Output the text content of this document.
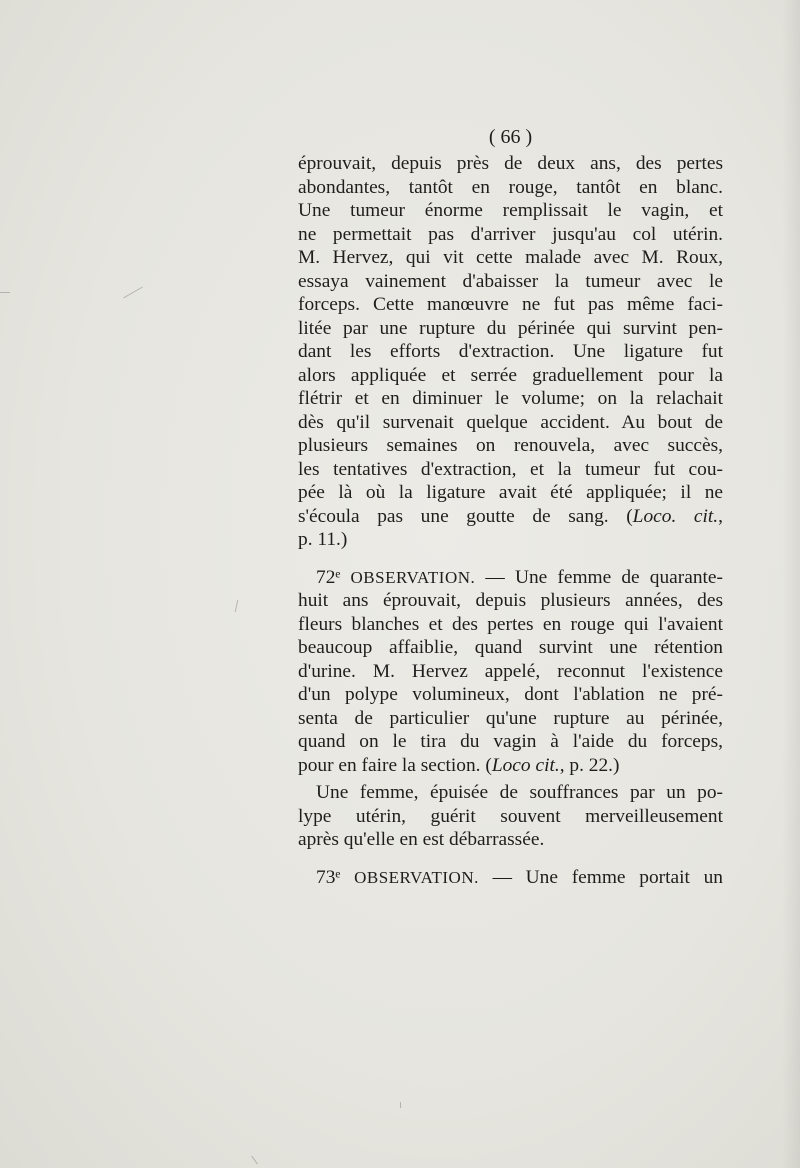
( 66 )
éprouvait, depuis près de deux ans, des pertes
abondantes, tantôt en rouge, tantôt en blanc.
Une tumeur énorme remplissait le vagin, et
ne permettait pas d'arriver jusqu'au col utérin.
M. Hervez, qui vit cette malade avec M. Roux,
essaya vainement d'abaisser la tumeur avec le
forceps. Cette manœuvre ne fut pas même faci-
litée par une rupture du périnée qui survint pen-
dant les efforts d'extraction. Une ligature fut
alors appliquée et serrée graduellement pour la
flétrir et en diminuer le volume; on la relachait
dès qu'il survenait quelque accident. Au bout de
plusieurs semaines on renouvela, avec succès,
les tentatives d'extraction, et la tumeur fut cou-
pée là où la ligature avait été appliquée; il ne
s'écoula pas une goutte de sang. (Loco. cit.,
p. 11.)
72ᵉ OBSERVATION. — Une femme de quarante-
huit ans éprouvait, depuis plusieurs années, des
fleurs blanches et des pertes en rouge qui l'avaient
beaucoup affaiblie, quand survint une rétention
d'urine. M. Hervez appelé, reconnut l'existence
d'un polype volumineux, dont l'ablation ne pré-
senta de particulier qu'une rupture au périnée,
quand on le tira du vagin à l'aide du forceps,
pour en faire la section. (Loco cit., p. 22.)
Une femme, épuisée de souffrances par un po-
lype utérin, guérit souvent merveilleusement
après qu'elle en est débarrassée.
73ᵉ OBSERVATION. — Une femme portait un
